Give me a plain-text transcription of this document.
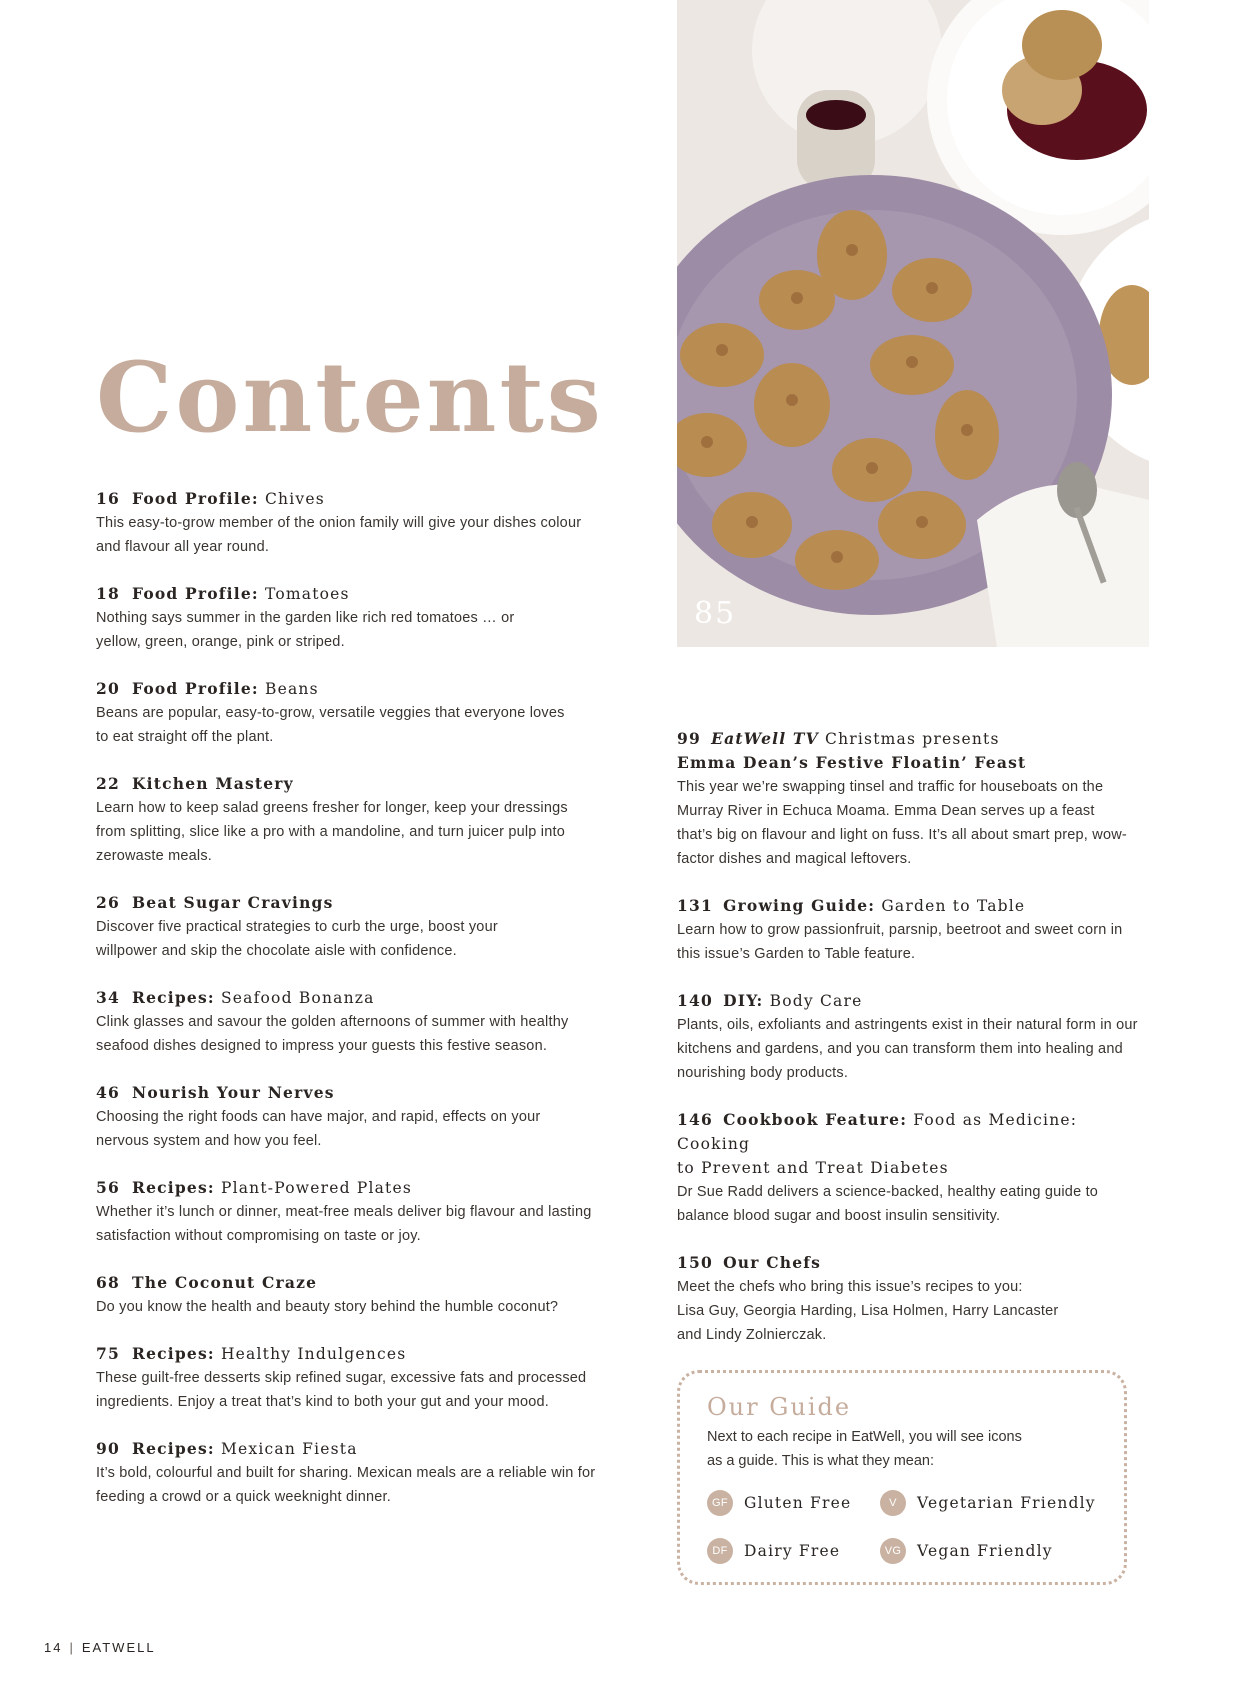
Contents
85
16 Food Profile: Chives
This easy-to-grow member of the onion family will give your dishes colour and flavour all year round.
18 Food Profile: Tomatoes
Nothing says summer in the garden like rich red tomatoes … or yellow, green, orange, pink or striped.
20 Food Profile: Beans
Beans are popular, easy-to-grow, versatile veggies that everyone loves to eat straight off the plant.
22 Kitchen Mastery
Learn how to keep salad greens fresher for longer, keep your dressings from splitting, slice like a pro with a mandoline, and turn juicer pulp into zerowaste meals.
26 Beat Sugar Cravings
Discover five practical strategies to curb the urge, boost your willpower and skip the chocolate aisle with confidence.
34 Recipes: Seafood Bonanza
Clink glasses and savour the golden afternoons of summer with healthy seafood dishes designed to impress your guests this festive season.
46 Nourish Your Nerves
Choosing the right foods can have major, and rapid, effects on your nervous system and how you feel.
56 Recipes: Plant-Powered Plates
Whether it’s lunch or dinner, meat-free meals deliver big flavour and lasting satisfaction without compromising on taste or joy.
68 The Coconut Craze
Do you know the health and beauty story behind the humble coconut?
75 Recipes: Healthy Indulgences
These guilt-free desserts skip refined sugar, excessive fats and processed ingredients. Enjoy a treat that’s kind to both your gut and your mood.
90 Recipes: Mexican Fiesta
It’s bold, colourful and built for sharing. Mexican meals are a reliable win for feeding a crowd or a quick weeknight dinner.
99 EatWell TV Christmas presents
Emma Dean’s Festive Floatin’ Feast
This year we’re swapping tinsel and traffic for houseboats on the Murray River in Echuca Moama. Emma Dean serves up a feast that’s big on flavour and light on fuss. It’s all about smart prep, wow-factor dishes and magical leftovers.
131 Growing Guide: Garden to Table
Learn how to grow passionfruit, parsnip, beetroot and sweet corn in this issue’s Garden to Table feature.
140 DIY: Body Care
Plants, oils, exfoliants and astringents exist in their natural form in our kitchens and gardens, and you can transform them into healing and nourishing body products.
146 Cookbook Feature: Food as Medicine: Cooking
to Prevent and Treat Diabetes
Dr Sue Radd delivers a science-backed, healthy eating guide to balance blood sugar and boost insulin sensitivity.
150 Our Chefs
Meet the chefs who bring this issue’s recipes to you:
Lisa Guy, Georgia Harding, Lisa Holmen, Harry Lancaster
and Lindy Zolnierczak.
Our Guide
Next to each recipe in EatWell, you will see icons as a guide. This is what they mean:
GF	Gluten Free	V	Vegetarian Friendly
DF	Dairy Free	VG	Vegan Friendly
14 | EATWELL
